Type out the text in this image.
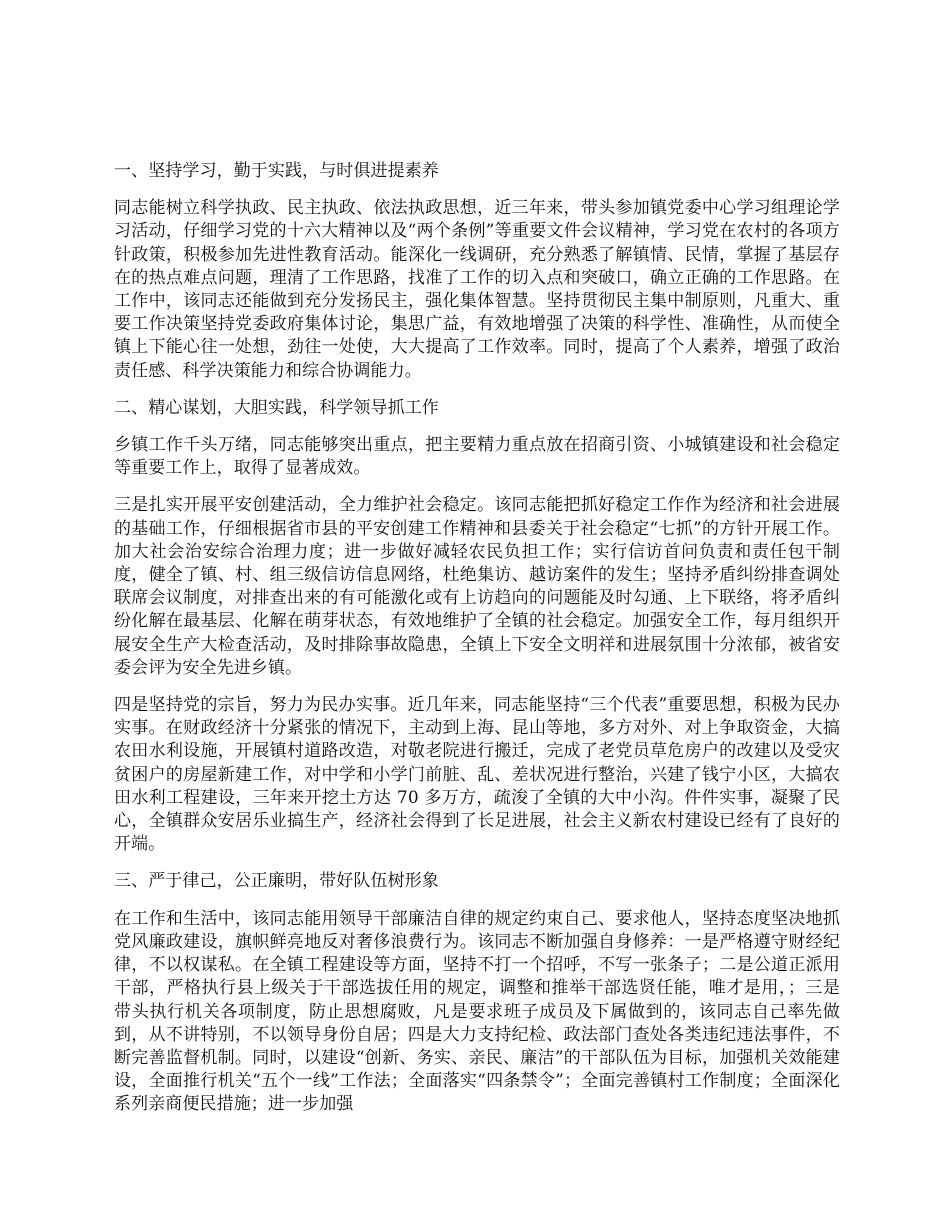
一、坚持学习，勤于实践，与时俱进提素养

同志能树立科学执政、民主执政、依法执政思想，近三年来，带头参加镇党委中心学习组理论学习活动，仔细学习党的十六大精神以及“两个条例”等重要文件会议精神，学习党在农村的各项方针政策，积极参加先进性教育活动。能深化一线调研，充分熟悉了解镇情、民情，掌握了基层存在的热点难点问题，理清了工作思路，找准了工作的切入点和突破口，确立正确的工作思路。在工作中，该同志还能做到充分发扬民主，强化集体智慧。坚持贯彻民主集中制原则，凡重大、重要工作决策坚持党委政府集体讨论，集思广益，有效地增强了决策的科学性、准确性，从而使全镇上下能心往一处想，劲往一处使，大大提高了工作效率。同时，提高了个人素养，增强了政治责任感、科学决策能力和综合协调能力。

二、精心谋划，大胆实践，科学领导抓工作

乡镇工作千头万绪，同志能够突出重点，把主要精力重点放在招商引资、小城镇建设和社会稳定等重要工作上，取得了显著成效。

三是扎实开展平安创建活动，全力维护社会稳定。该同志能把抓好稳定工作作为经济和社会进展的基础工作，仔细根据省市县的平安创建工作精神和县委关于社会稳定“七抓”的方针开展工作。加大社会治安综合治理力度；进一步做好减轻农民负担工作；实行信访首问负责和责任包干制度，健全了镇、村、组三级信访信息网络，杜绝集访、越访案件的发生；坚持矛盾纠纷排查调处联席会议制度，对排查出来的有可能激化或有上访趋向的问题能及时勾通、上下联络，将矛盾纠纷化解在最基层、化解在萌芽状态，有效地维护了全镇的社会稳定。加强安全工作，每月组织开展安全生产大检查活动，及时排除事故隐患，全镇上下安全文明祥和进展氛围十分浓郁，被省安委会评为安全先进乡镇。

四是坚持党的宗旨，努力为民办实事。近几年来，同志能坚持“三个代表”重要思想，积极为民办实事。在财政经济十分紧张的情况下，主动到上海、昆山等地，多方对外、对上争取资金，大搞农田水利设施，开展镇村道路改造，对敬老院进行搬迁，完成了老党员草危房户的改建以及受灾贫困户的房屋新建工作，对中学和小学门前脏、乱、差状况进行整治，兴建了钱宁小区，大搞农田水利工程建设，三年来开挖土方达 70 多万方，疏浚了全镇的大中小沟。件件实事，凝聚了民心，全镇群众安居乐业搞生产，经济社会得到了长足进展，社会主义新农村建设已经有了良好的开端。

三、严于律己，公正廉明，带好队伍树形象

在工作和生活中，该同志能用领导干部廉洁自律的规定约束自己、要求他人，坚持态度坚决地抓党风廉政建设，旗帜鲜亮地反对奢侈浪费行为。该同志不断加强自身修养：一是严格遵守财经纪律，不以权谋私。在全镇工程建设等方面，坚持不打一个招呼，不写一张条子；二是公道正派用干部，严格执行县上级关于干部选拔任用的规定，调整和推举干部选贤任能，唯才是用，；三是带头执行机关各项制度，防止思想腐败，凡是要求班子成员及下属做到的，该同志自己率先做到，从不讲特别，不以领导身份自居；四是大力支持纪检、政法部门查处各类违纪违法事件，不断完善监督机制。同时，以建设“创新、务实、亲民、廉洁”的干部队伍为目标，加强机关效能建设，全面推行机关“五个一线”工作法；全面落实“四条禁令”；全面完善镇村工作制度；全面深化系列亲商便民措施；进一步加强
